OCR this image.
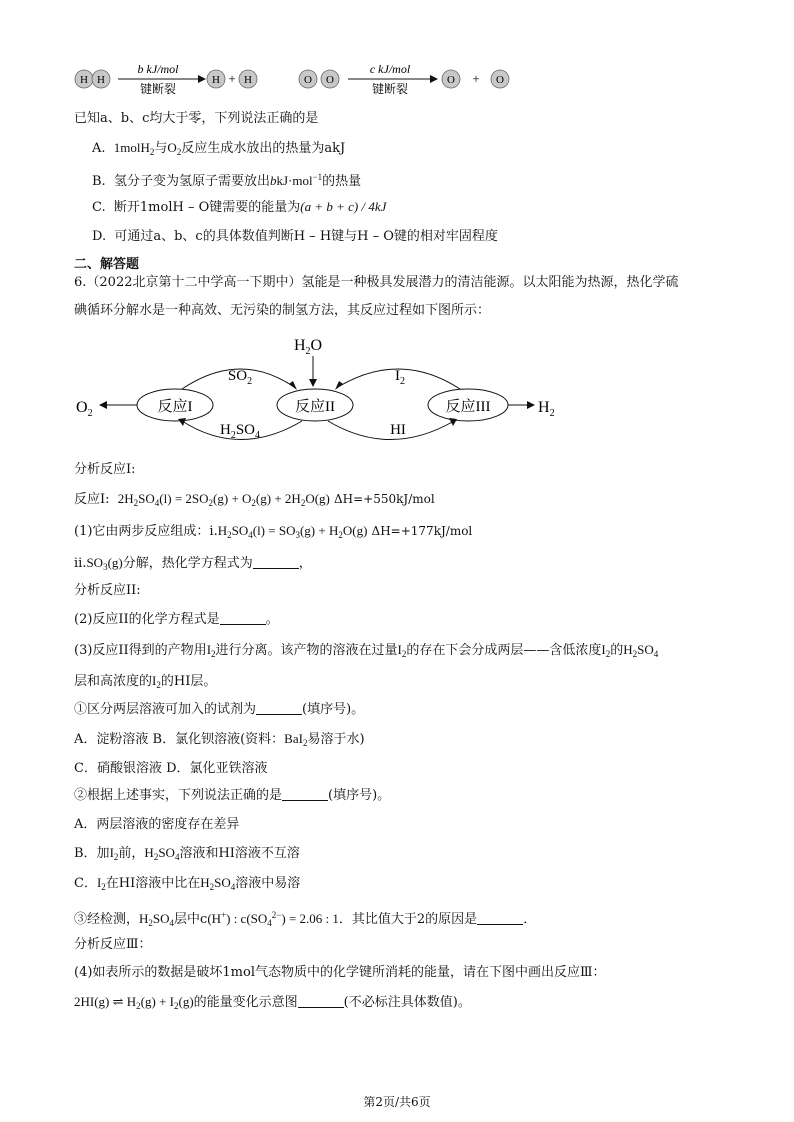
H H
b kJ/mol
键断裂
H + H	O O
c kJ/mol
键断裂
O + O
已知a、b、c均大于零，下列说法正确的是
A. 1molH$_2$与$O_2$反应生成水放出的热量为akJ
B. 氢分子变为氢原子需要放出bkJ·mol$^{-1}$的热量
C. 断开1molH – O键需要的能量为(a + b + c) / 4kJ
D. 可通过a、b、c的具体数值判断H – H键与H – O键的相对牢固程度
二、解答题
6.（2022北京第十二中学高一下期中）氢能是一种极具发展潜力的清洁能源。以太阳能为热源，热化学硫
碘循环分解水是一种高效、无污染的制氢方法，其反应过程如下图所示：
$H_2O$
反应I	反应II	反应III
$O_2$	$H_2$
$SO_2$
$H_2SO_4$
$I_2$
HI
分析反应I:
反应I: $2H_2SO_4(l) = 2SO_2(g) + O_2(g) + 2H_2O(g)$ ΔH=+550kJ/mol
(1)它由两步反应组成：$i.H_2SO_4(l) = SO_3(g) + H_2O(g)$ ΔH=+177kJ/mol
$ii.SO_3(g)$分解，热化学方程式为	，
分析反应II:
(2)反应II的化学方程式是	。
(3)反应II得到的产物用$I_2$进行分离。该产物的溶液在过量$I_2$的存在下会分成两层——含低浓度$I_2$的$H_2SO_4$
层和高浓度的$I_2$的HI层。
①区分两层溶液可加入的试剂为	(填序号)。
A．淀粉溶液 B．氯化钡溶液(资料：BaI$_2$易溶于水)
C．硝酸银溶液 D．氯化亚铁溶液
②根据上述事实，下列说法正确的是	(填序号)。
A．两层溶液的密度存在差异
B．加$I_2$前，$H_2SO_4$溶液和HI溶液不互溶
C．$I_2$在HI溶液中比在$H_2SO_4$溶液中易溶
③经检测，$H_2SO_4$层中c(H+) : $c(SO_4^{2-}) = 2.06$ : 1．其比值大于2的原因是	．
分析反应Ⅲ：
(4)如表所示的数据是破坏1mol气态物质中的化学键所消耗的能量，请在下图中画出反应Ⅲ：
2HI(g) ⇌ $H_2(g) + I_2(g)$的能量变化示意图	(不必标注具体数值)。
第2页/共6页
